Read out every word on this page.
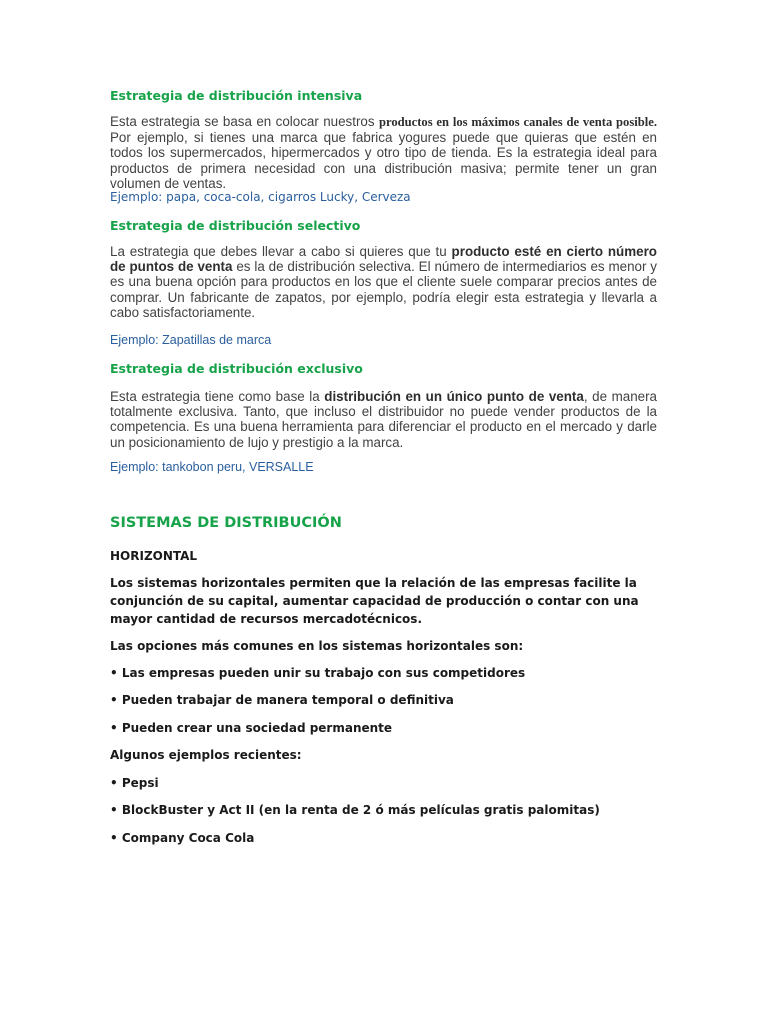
Estrategia de distribución intensiva

Esta estrategia se basa en colocar nuestros productos en los máximos canales de venta posible. Por ejemplo, si tienes una marca que fabrica yogures puede que quieras que estén en todos los supermercados, hipermercados y otro tipo de tienda. Es la estrategia ideal para productos de primera necesidad con una distribución masiva; permite tener un gran volumen de ventas.

Ejemplo: papa, coca-cola, cigarros Lucky, Cerveza

Estrategia de distribución selectivo

La estrategia que debes llevar a cabo si quieres que tu producto esté en cierto número de puntos de venta es la de distribución selectiva. El número de intermediarios es menor y es una buena opción para productos en los que el cliente suele comparar precios antes de comprar. Un fabricante de zapatos, por ejemplo, podría elegir esta estrategia y llevarla a cabo satisfactoriamente.

Ejemplo: Zapatillas de marca

Estrategia de distribución exclusivo

Esta estrategia tiene como base la distribución en un único punto de venta, de manera totalmente exclusiva. Tanto, que incluso el distribuidor no puede vender productos de la competencia. Es una buena herramienta para diferenciar el producto en el mercado y darle un posicionamiento de lujo y prestigio a la marca.

Ejemplo: tankobon peru, VERSALLE

SISTEMAS DE DISTRIBUCIÓN

HORIZONTAL

Los sistemas horizontales permiten que la relación de las empresas facilite la conjunción de su capital, aumentar capacidad de producción o contar con una mayor cantidad de recursos mercadotécnicos.

Las opciones más comunes en los sistemas horizontales son:

• Las empresas pueden unir su trabajo con sus competidores

• Pueden trabajar de manera temporal o definitiva

• Pueden crear una sociedad permanente

Algunos ejemplos recientes:

• Pepsi

• BlockBuster y Act II (en la renta de 2 ó más películas gratis palomitas)

• Company Coca Cola
